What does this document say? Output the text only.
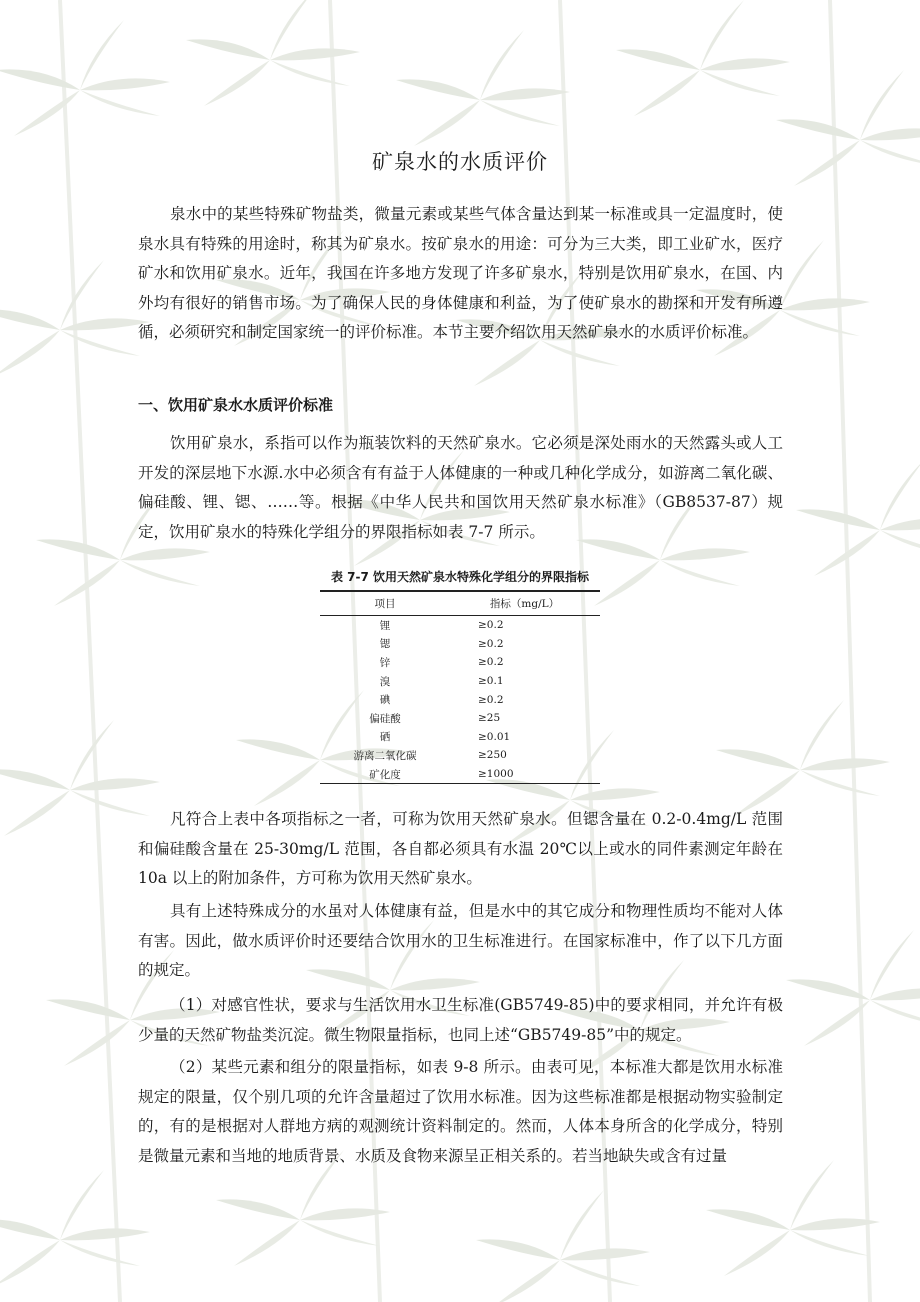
矿泉水的水质评价

泉水中的某些特殊矿物盐类，微量元素或某些气体含量达到某一标准或具一定温度时，使泉水具有特殊的用途时，称其为矿泉水。按矿泉水的用途：可分为三大类，即工业矿水，医疗矿水和饮用矿泉水。近年，我国在许多地方发现了许多矿泉水，特别是饮用矿泉水，在国、内外均有很好的销售市场。为了确保人民的身体健康和利益，为了使矿泉水的勘探和开发有所遵循，必须研究和制定国家统一的评价标准。本节主要介绍饮用天然矿泉水的水质评价标准。

一、饮用矿泉水水质评价标准

饮用矿泉水，系指可以作为瓶装饮料的天然矿泉水。它必须是深处雨水的天然露头或人工开发的深层地下水源.水中必须含有有益于人体健康的一种或几种化学成分，如游离二氧化碳、偏硅酸、锂、锶、……等。根据《中华人民共和国饮用天然矿泉水标准》（GB8537-87）规定，饮用矿泉水的特殊化学组分的界限指标如表 7-7 所示。

表 7-7 饮用天然矿泉水特殊化学组分的界限指标
项目	指标（mg/L）
锂	≥0.2
锶	≥0.2
锌	≥0.2
溴	≥0.1
碘	≥0.2
偏硅酸	≥25
硒	≥0.01
游离二氧化碳	≥250
矿化度	≥1000

凡符合上表中各项指标之一者，可称为饮用天然矿泉水。但锶含量在 0.2-0.4mg/L 范围和偏硅酸含量在 25-30mg/L 范围，各自都必须具有水温 20℃以上或水的同件素测定年龄在 10a 以上的附加条件，方可称为饮用天然矿泉水。

具有上述特殊成分的水虽对人体健康有益，但是水中的其它成分和物理性质均不能对人体有害。因此，做水质评价时还要结合饮用水的卫生标准进行。在国家标准中，作了以下几方面的规定。

（1）对感官性状，要求与生活饮用水卫生标准(GB5749-85)中的要求相同，并允许有极少量的天然矿物盐类沉淀。微生物限量指标，也同上述“GB5749-85”中的规定。

（2）某些元素和组分的限量指标，如表 9-8 所示。由表可见，本标准大都是饮用水标准规定的限量，仅个别几项的允许含量超过了饮用水标准。因为这些标准都是根据动物实验制定的，有的是根据对人群地方病的观测统计资料制定的。然而，人体本身所含的化学成分，特别是微量元素和当地的地质背景、水质及食物来源呈正相关系的。若当地缺失或含有过量
